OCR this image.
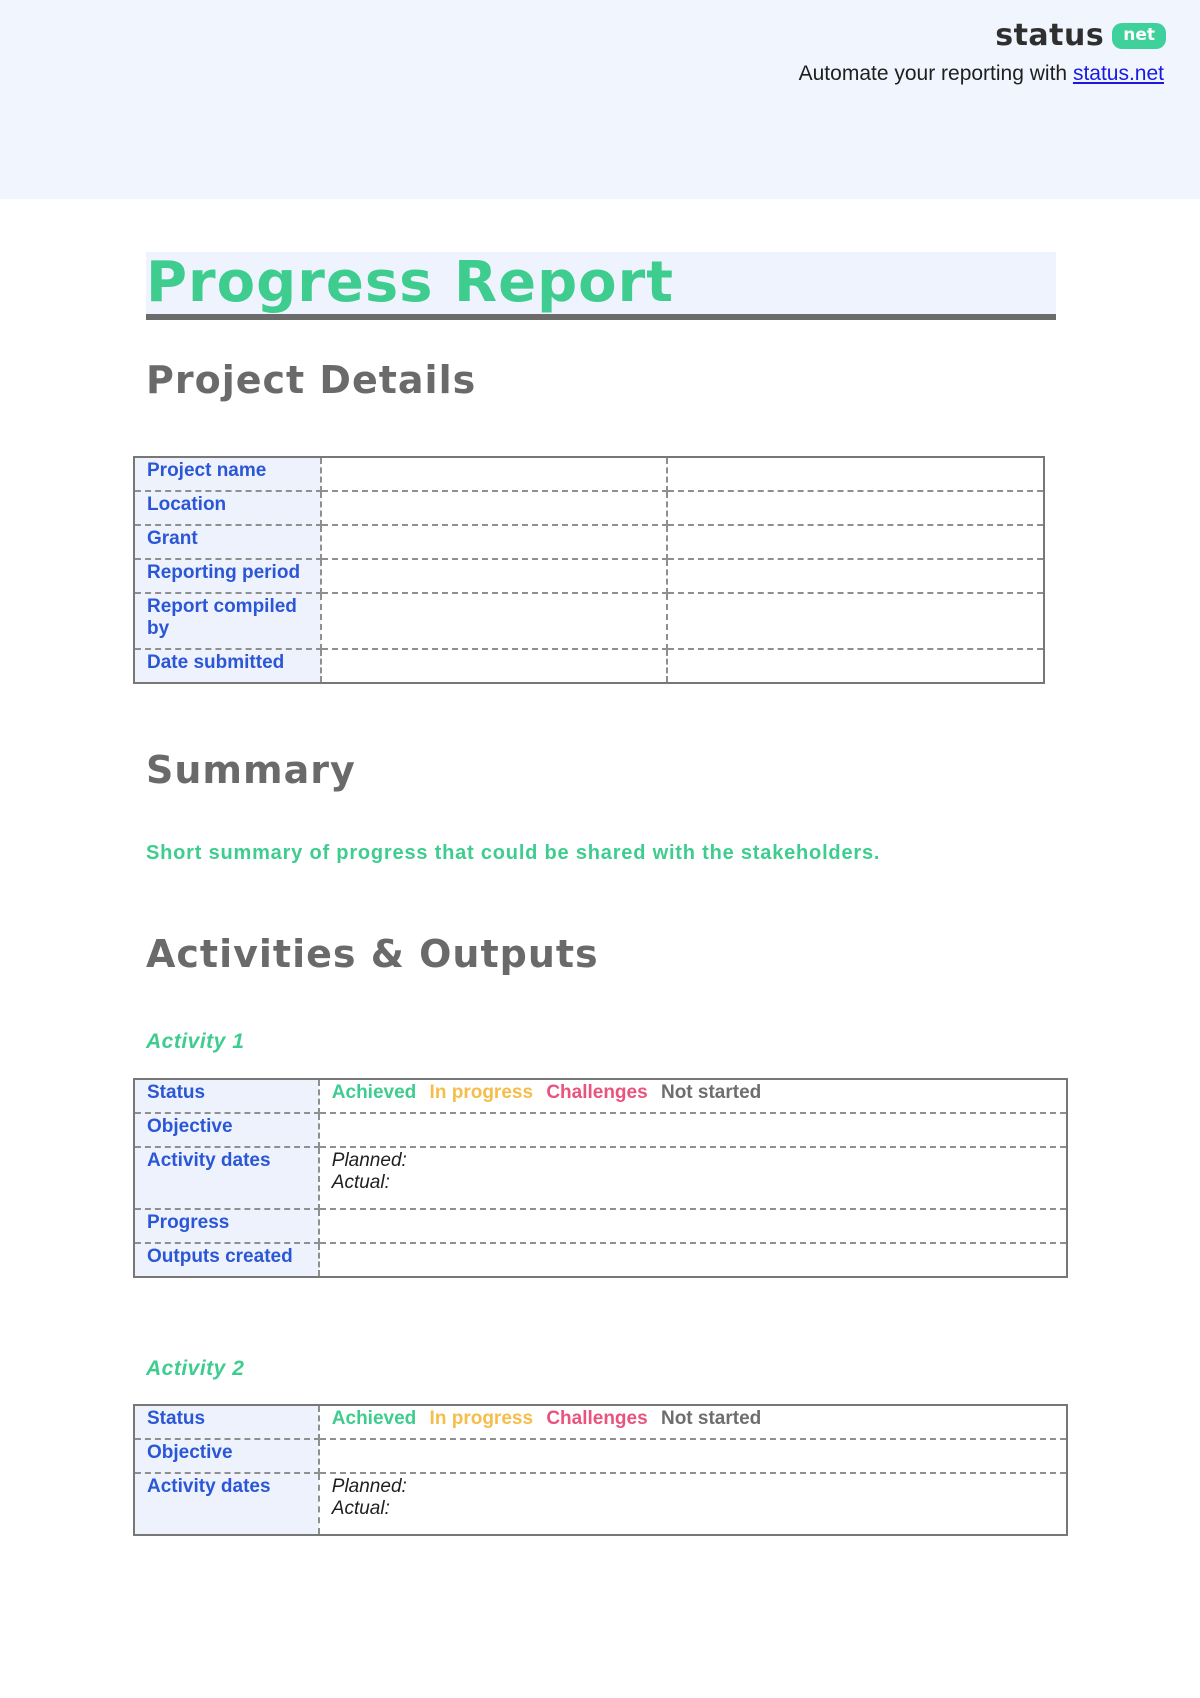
status	net
Automate your reporting with status.net
Progress Report
Project Details
Project name		
Location		
Grant		
Reporting period		
Report compiled by		
Date submitted		
Summary
Short summary of progress that could be shared with the stakeholders.
Activities & Outputs
Activity 1
Status	Achieved In progress Challenges Not started
Objective	
Activity dates	Planned:
Actual:

Progress	
Outputs created	
Activity 2
Status	Achieved In progress Challenges Not started
Objective	
Activity dates	Planned:
Actual:
